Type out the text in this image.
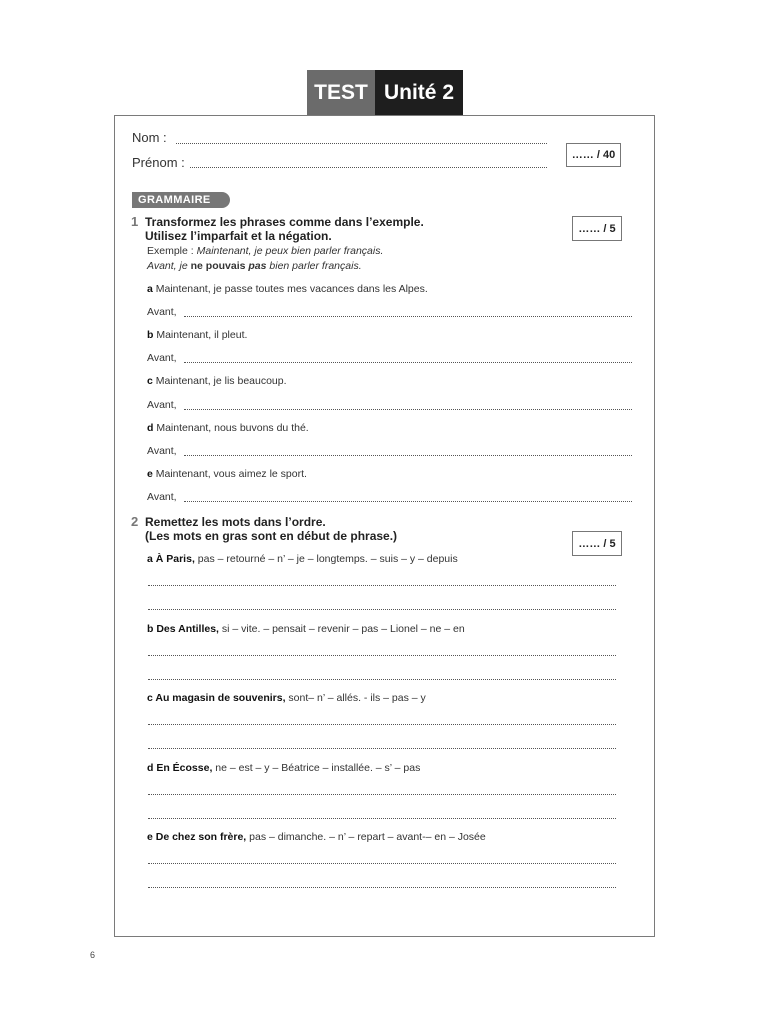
TEST Unité 2
Nom :
Prénom :	…… / 40
GRAMMAIRE
1 Transformez les phrases comme dans l’exemple.
Utilisez l’imparfait et la négation.
…… / 5
Exemple : Maintenant, je peux bien parler français.
Avant, je ne pouvais pas bien parler français.
a Maintenant, je passe toutes mes vacances dans les Alpes.
Avant,
b Maintenant, il pleut.
Avant,
c Maintenant, je lis beaucoup.
Avant,
d Maintenant, nous buvons du thé.
Avant,
e Maintenant, vous aimez le sport.
Avant,
2 Remettez les mots dans l’ordre.
(Les mots en gras sont en début de phrase.)
…… / 5
a À Paris, pas – retourné – n’ – je – longtemps. – suis – y – depuis
b Des Antilles, si – vite. – pensait – revenir – pas – Lionel – ne – en
c Au magasin de souvenirs, sont– n’ – allés. - ils – pas – y
d En Écosse, ne – est – y – Béatrice – installée. – s’ – pas
e De chez son frère, pas – dimanche. – n’ – repart – avant-– en – Josée
6
